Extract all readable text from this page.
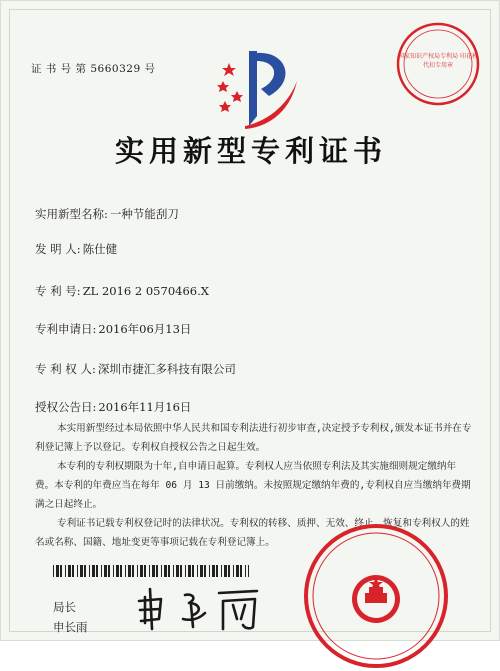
证 书 号 第 5660329 号
国家知识产权局专利局 印花税 代扣专用章
实用新型专利证书
实用新型名称: 一种节能刮刀
发 明 人: 陈仕健
专 利 号: ZL 2016 2 0570466.X
专利申请日: 2016年06月13日
专 利 权 人: 深圳市捷汇多科技有限公司
授权公告日: 2016年11月16日

本实用新型经过本局依照中华人民共和国专利法进行初步审查,决定授予专利权,颁发本证书并在专利登记簿上予以登记。专利权自授权公告之日起生效。

本专利的专利权期限为十年,自申请日起算。专利权人应当依照专利法及其实施细则规定缴纳年费。本专利的年费应当在每年 06 月 13 日前缴纳。未按照规定缴纳年费的,专利权自应当缴纳年费期满之日起终止。

专利证书记载专利权登记时的法律状况。专利权的转移、质押、无效、终止、恢复和专利权人的姓名或名称、国籍、地址变更等事项记载在专利登记簿上。

局长
申长雨
